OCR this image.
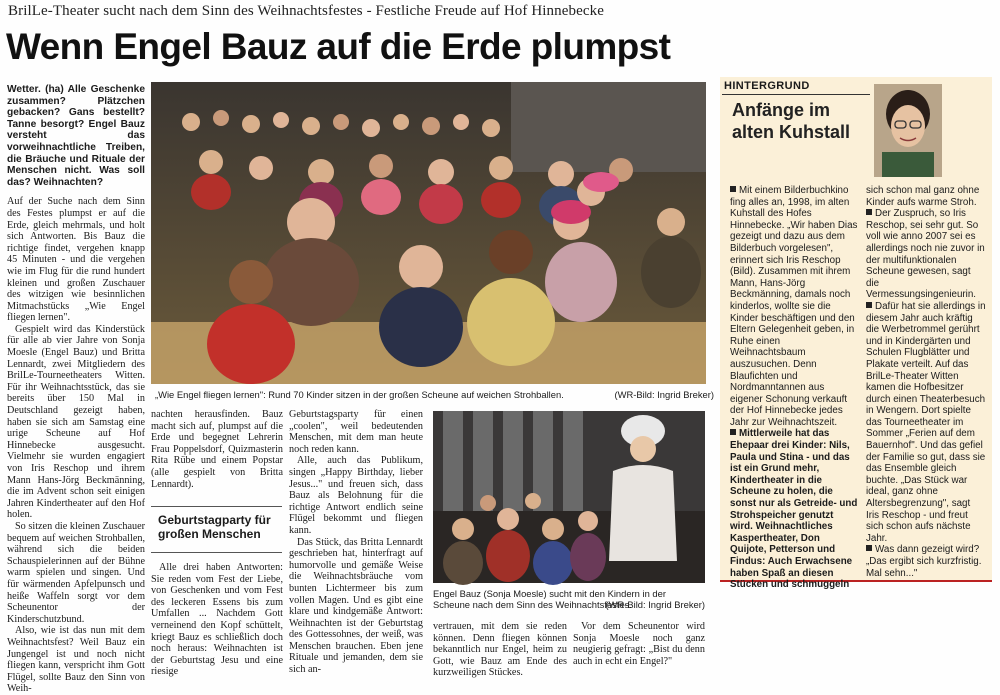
BrilLe-Theater sucht nach dem Sinn des Weihnachtsfestes - Festliche Freude auf Hof Hinnebecke
Wenn Engel Bauz auf die Erde plumpst
Wetter. (ha) Alle Geschenke zusammen? Plätzchen gebacken? Gans bestellt? Tanne besorgt? Engel Bauz versteht das vorweihnachtliche Treiben, die Bräuche und Rituale der Menschen nicht. Was soll das? Weihnachten?

Auf der Suche nach dem Sinn des Festes plumpst er auf die Erde, gleich mehrmals, und holt sich Antworten. Bis Bauz die richtige findet, vergehen knapp 45 Minuten - und die vergehen wie im Flug für die rund hundert kleinen und großen Zuschauer des witzigen wie besinnlichen Mitmachstücks „Wie Engel fliegen lernen".

Gespielt wird das Kinderstück für alle ab vier Jahre von Sonja Moesle (Engel Bauz) und Britta Lennardt, zwei Mitgliedern des BrilLe-Tourneetheaters Witten. Für ihr Weihnachtsstück, das sie bereits über 150 Mal in Deutschland gezeigt haben, haben sie sich am Samstag eine urige Scheune auf Hof Hinnebecke ausgesucht. Vielmehr sie wurden engagiert von Iris Reschop und ihrem Mann Hans-Jörg Beckmänning, die im Advent schon seit einigen Jahren Kindertheater auf den Hof holen.

So sitzen die kleinen Zuschauer bequem auf weichen Strohballen, während sich die beiden Schauspielerinnen auf der Bühne warm spielen und singen. Und für wärmenden Apfelpunsch und heiße Waffeln sorgt vor dem Scheunentor der Kinderschutzbund.

Also, wie ist das nun mit dem Weihnachtsfest? Weil Bauz ein Jungengel ist und noch nicht fliegen kann, verspricht ihm Gott Flügel, sollte Bauz den Sinn von Weih-

„Wie Engel fliegen lernen": Rund 70 Kinder sitzen in der großen Scheune auf weichen Strohballen.	(WR-Bild: Ingrid Breker)

nachten herausfinden. Bauz macht sich auf, plumpst auf die Erde und begegnet Lehrerin Frau Poppelsdorf, Quizmasterin Rita Rübe und einem Popstar (alle gespielt von Britta Lennardt).

Geburtstagparty für großen Menschen

Alle drei haben Antworten: Sie reden vom Fest der Liebe, von Geschenken und vom Fest des leckeren Essens bis zum Umfallen ... Nachdem Gott verneinend den Kopf schüttelt, kriegt Bauz es schließlich doch noch heraus: Weihnachten ist der Geburtstag Jesu und eine riesige

Geburtstagsparty für einen „coolen", weil bedeutenden Menschen, mit dem man heute noch reden kann.

Alle, auch das Publikum, singen „Happy Birthday, lieber Jesus..." und freuen sich, dass Bauz als Belohnung für die richtige Antwort endlich seine Flügel bekommt und fliegen kann.

Das Stück, das Britta Lennardt geschrieben hat, hinterfragt auf humorvolle und gemäße Weise die Weihnachtsbräuche vom bunten Lichtermeer bis zum vollen Magen. Und es gibt eine klare und kindgemäße Antwort: Weihnachten ist der Geburtstag des Gottessohnes, der weiß, was Menschen brauchen. Eben jene Rituale und jemanden, dem sie sich an-

Engel Bauz (Sonja Moesle) sucht mit den Kindern in der Scheune nach dem Sinn des Weihnachtsfestes.
(WR-Bild: Ingrid Breker)

vertrauen, mit dem sie reden können. Denn fliegen können bekanntlich nur Engel, heim zu Gott, wie Bauz am Ende des kurzweiligen Stückes.

Vor dem Scheunentor wird Sonja Moesle noch ganz neugierig gefragt: „Bist du denn auch in echt ein Engel?"

HINTERGRUND
Anfänge im alten Kuhstall

Mit einem Bilderbuchkino fing alles an, 1998, im alten Kuhstall des Hofes Hinnebecke. „Wir haben Dias gezeigt und dazu aus dem Bilderbuch vorgelesen", erinnert sich Iris Reschop (Bild). Zusammen mit ihrem Mann, Hans-Jörg Beckmänning, damals noch kinderlos, wollte sie die Kinder beschäftigen und den Eltern Gelegenheit geben, in Ruhe einen Weihnachtsbaum auszusuchen. Denn Blaufichten und Nordmanntannen aus eigener Schonung verkauft der Hof Hinnebecke jedes Jahr zur Weihnachtszeit.

Mittlerweile hat das Ehepaar drei Kinder: Nils, Paula und Stina - und das ist ein Grund mehr, Kindertheater in die Scheune zu holen, die sonst nur als Getreide- und Strohspeicher genutzt wird. Weihnachtliches Kaspertheater, Don Quijote, Petterson und Findus: Auch Erwachsene haben Spaß an diesen Stücken und schmuggeln

sich schon mal ganz ohne Kinder aufs warme Stroh.

Der Zuspruch, so Iris Reschop, sei sehr gut. So voll wie anno 2007 sei es allerdings noch nie zuvor in der multifunktionalen Scheune gewesen, sagt die Vermessungsingenieurin.

Dafür hat sie allerdings in diesem Jahr auch kräftig die Werbetrommel gerührt und in Kindergärten und Schulen Flugblätter und Plakate verteilt. Auf das BrilLe-Theater Witten kamen die Hofbesitzer durch einen Theaterbesuch in Wengern. Dort spielte das Tourneetheater im Sommer „Ferien auf dem Bauernhof". Und das gefiel der Familie so gut, dass sie das Ensemble gleich buchte. „Das Stück war ideal, ganz ohne Altersbegrenzung", sagt Iris Reschop - und freut sich schon aufs nächste Jahr.

Was dann gezeigt wird? „Das ergibt sich kurzfristig. Mal sehn..."
